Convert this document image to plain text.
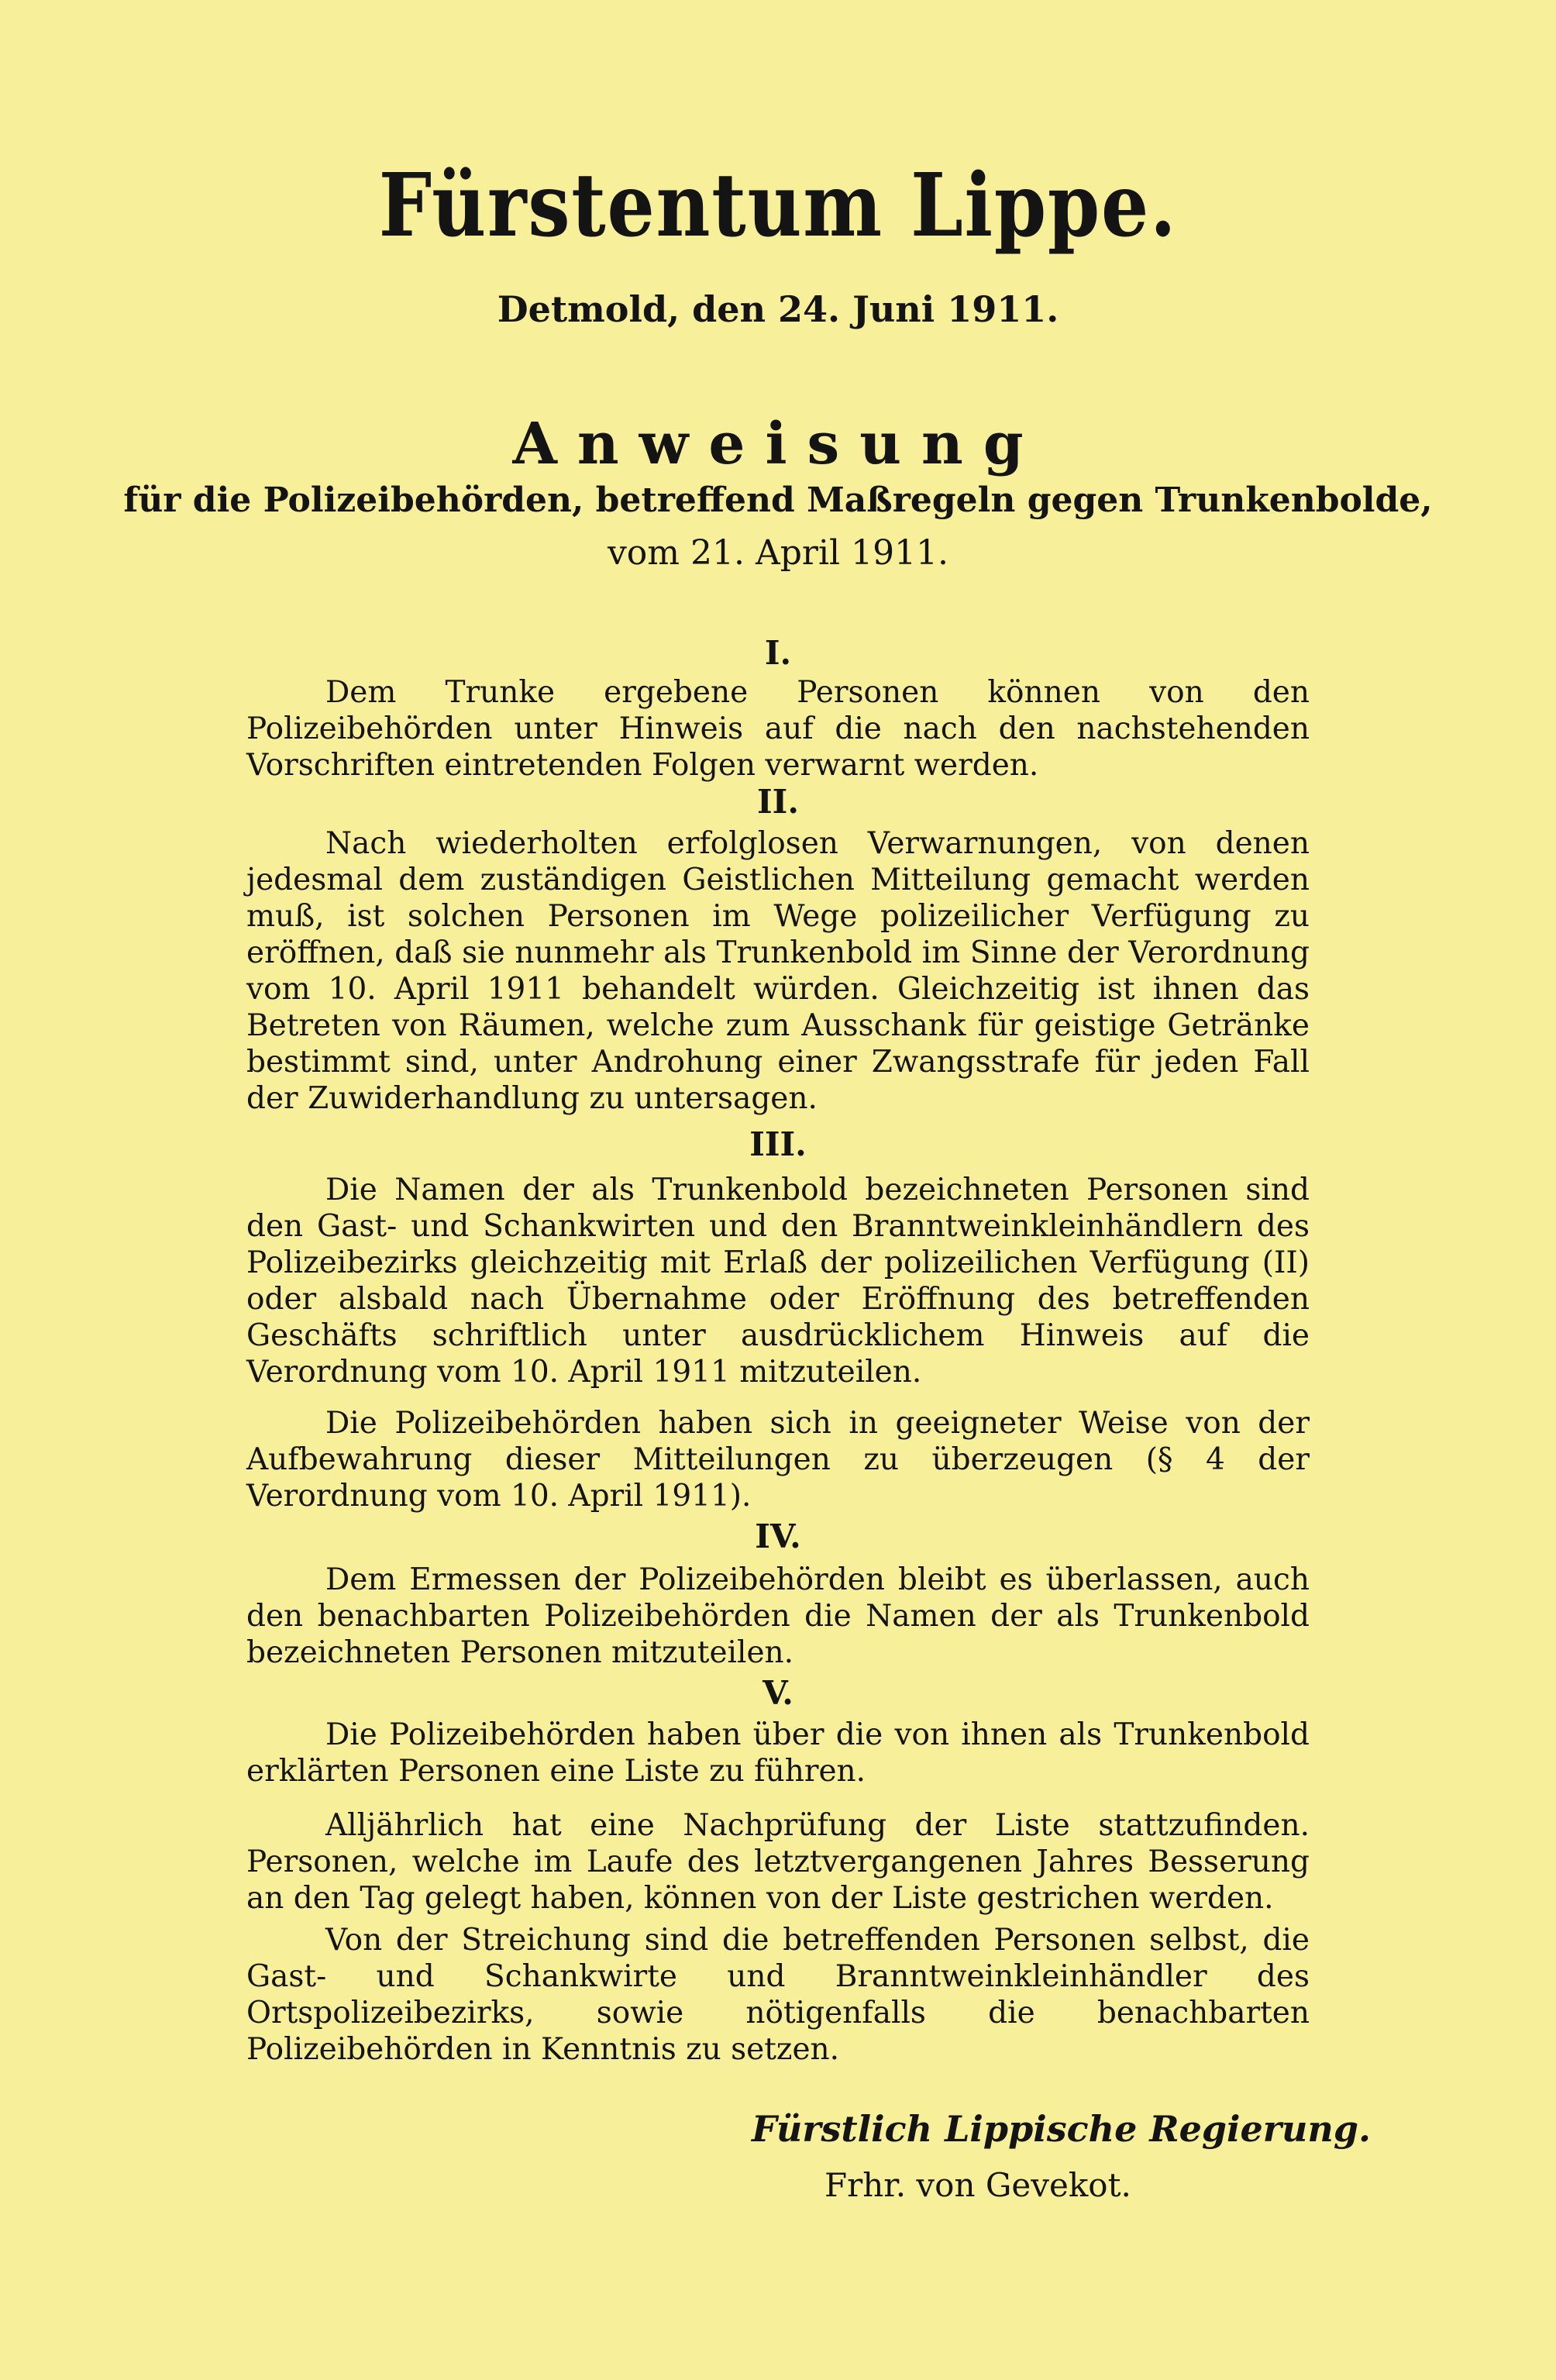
Fürstentum Lippe.
Detmold, den 24. Juni 1911.
Anweisung
für die Polizeibehörden, betreffend Maßregeln gegen Trunkenbolde,
vom 21. April 1911.
I.
Dem Trunke ergebene Personen können von den Polizeibehörden unter Hinweis auf die nach den nachstehenden Vorschriften eintretenden Folgen verwarnt werden.
II.
Nach wiederholten erfolglosen Verwarnungen, von denen jedesmal dem zuständigen Geistlichen Mitteilung gemacht werden muß, ist solchen Personen im Wege polizeilicher Verfügung zu eröffnen, daß sie nunmehr als Trunkenbold im Sinne der Verordnung vom 10. April 1911 behandelt würden. Gleichzeitig ist ihnen das Betreten von Räumen, welche zum Ausschank für geistige Getränke bestimmt sind, unter Androhung einer Zwangsstrafe für jeden Fall der Zuwiderhandlung zu untersagen.
III.
Die Namen der als Trunkenbold bezeichneten Personen sind den Gast- und Schankwirten und den Branntweinkleinhändlern des Polizeibezirks gleichzeitig mit Erlaß der polizeilichen Verfügung (II) oder alsbald nach Übernahme oder Eröffnung des betreffenden Geschäfts schriftlich unter ausdrücklichem Hinweis auf die Verordnung vom 10. April 1911 mitzuteilen.
Die Polizeibehörden haben sich in geeigneter Weise von der Aufbewahrung dieser Mitteilungen zu überzeugen (§ 4 der Verordnung vom 10. April 1911).
IV.
Dem Ermessen der Polizeibehörden bleibt es überlassen, auch den benachbarten Polizeibehörden die Namen der als Trunkenbold bezeichneten Personen mitzuteilen.
V.
Die Polizeibehörden haben über die von ihnen als Trunkenbold erklärten Personen eine Liste zu führen.
Alljährlich hat eine Nachprüfung der Liste stattzufinden. Personen, welche im Laufe des letztvergangenen Jahres Besserung an den Tag gelegt haben, können von der Liste gestrichen werden.
Von der Streichung sind die betreffenden Personen selbst, die Gast- und Schankwirte und Branntweinkleinhändler des Ortspolizeibezirks, sowie nötigenfalls die benachbarten Polizeibehörden in Kenntnis zu setzen.
Fürstlich Lippische Regierung.
Frhr. von Gevekot.
